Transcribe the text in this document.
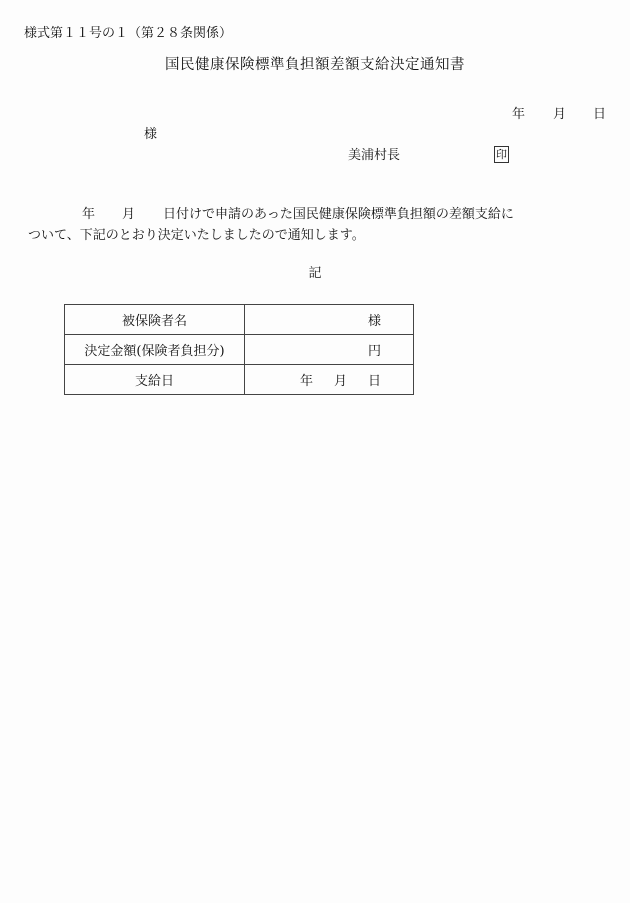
様式第１１号の１（第２８条関係）
国民健康保険標準負担額差額支給決定通知書
年 月 日
様
美浦村長	印
年 月 日付けで申請のあった国民健康保険標準負担額の差額支給に
ついて、下記のとおり決定いたしましたので通知します。
記
被保険者名	様
決定金額(保険者負担分)	円
支給日	年 月 日
